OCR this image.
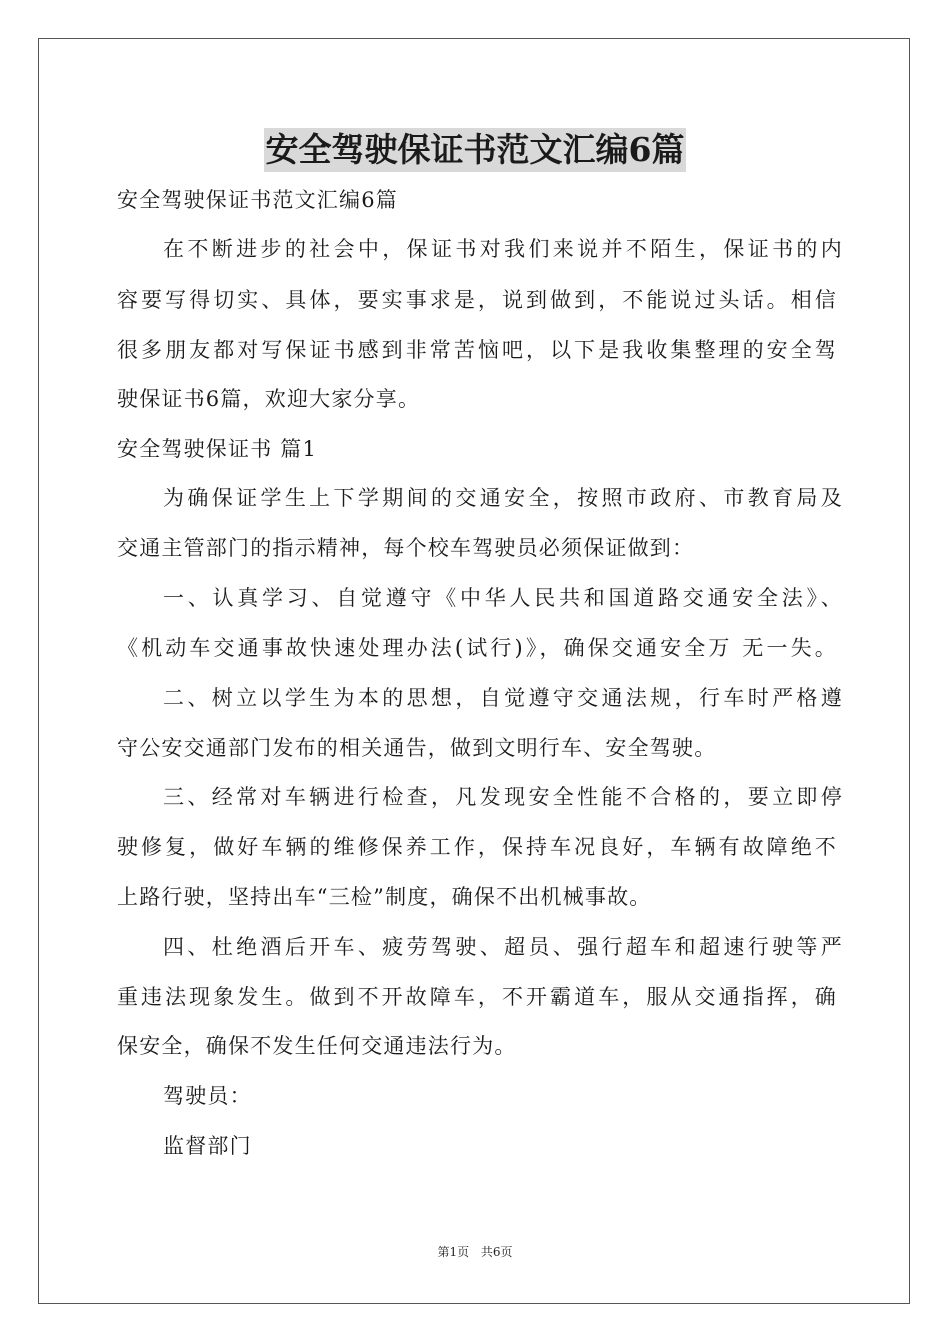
安全驾驶保证书范文汇编6篇
安全驾驶保证书范文汇编6篇
在不断进步的社会中，保证书对我们来说并不陌生，保证书的内
容要写得切实、具体，要实事求是，说到做到，不能说过头话。相信
很多朋友都对写保证书感到非常苦恼吧，以下是我收集整理的安全驾
驶保证书6篇，欢迎大家分享。
安全驾驶保证书 篇1
为确保证学生上下学期间的交通安全，按照市政府、市教育局及
交通主管部门的指示精神，每个校车驾驶员必须保证做到：
一、认真学习、自觉遵守《中华人民共和国道路交通安全法》、
《机动车交通事故快速处理办法(试行)》，确保交通安全万 无一失。
二、树立以学生为本的思想，自觉遵守交通法规，行车时严格遵
守公安交通部门发布的相关通告，做到文明行车、安全驾驶。
三、经常对车辆进行检查，凡发现安全性能不合格的，要立即停
驶修复，做好车辆的维修保养工作，保持车况良好，车辆有故障绝不
上路行驶，坚持出车“三检”制度，确保不出机械事故。
四、杜绝酒后开车、疲劳驾驶、超员、强行超车和超速行驶等严
重违法现象发生。做到不开故障车，不开霸道车，服从交通指挥，确
保安全，确保不发生任何交通违法行为。
驾驶员：
监督部门
第1页 共6页
